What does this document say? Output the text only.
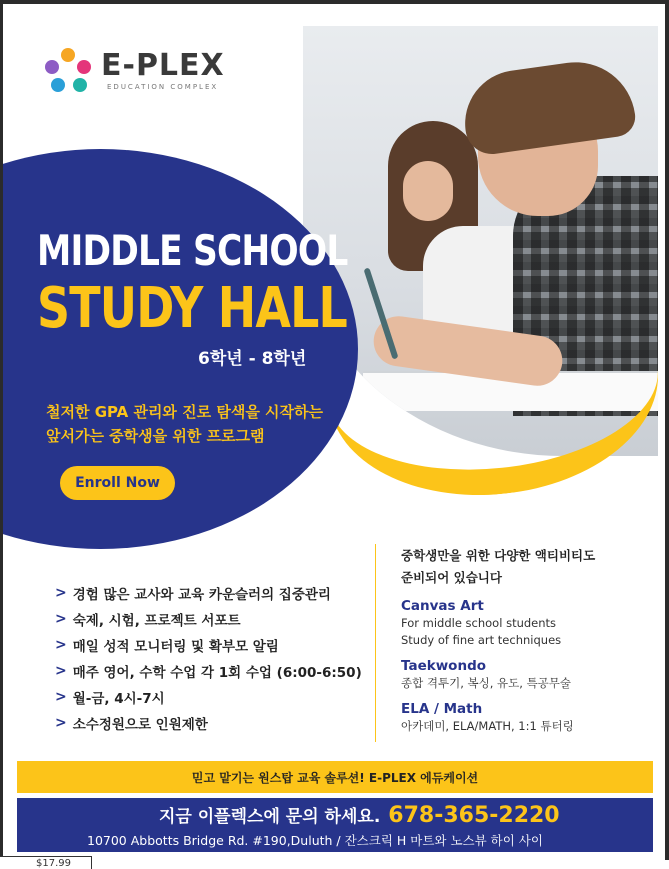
E-PLEX
EDUCATION COMPLEX
MIDDLE SCHOOL
STUDY HALL
6학년 - 8학년
철저한 GPA 관리와 진로 탐색을 시작하는
앞서가는 중학생을 위한 프로그램
Enroll Now
> 경험 많은 교사와 교육 카운슬러의 집중관리
> 숙제, 시험, 프로젝트 서포트
> 매일 성적 모니터링 및 확부모 알림
> 매주 영어, 수학 수업 각 1회 수업 (6:00-6:50)
> 월-금, 4시-7시
> 소수정원으로 인원제한
중학생만을 위한 다양한 액티비티도
준비되어 있습니다
Canvas Art
For middle school students
Study of fine art techniques
Taekwondo
종합 격투기, 복싱, 유도, 특공무술
ELA / Math
아카데미, ELA/MATH, 1:1 튜터링
믿고 맡기는 원스탑 교육 솔루션! E-PLEX 에듀케이션
지금 이플렉스에 문의 하세요. 678-365-2220
10700 Abbotts Bridge Rd. #190,Duluth / 잔스크릭 H 마트와 노스뷰 하이 사이
$17.99
